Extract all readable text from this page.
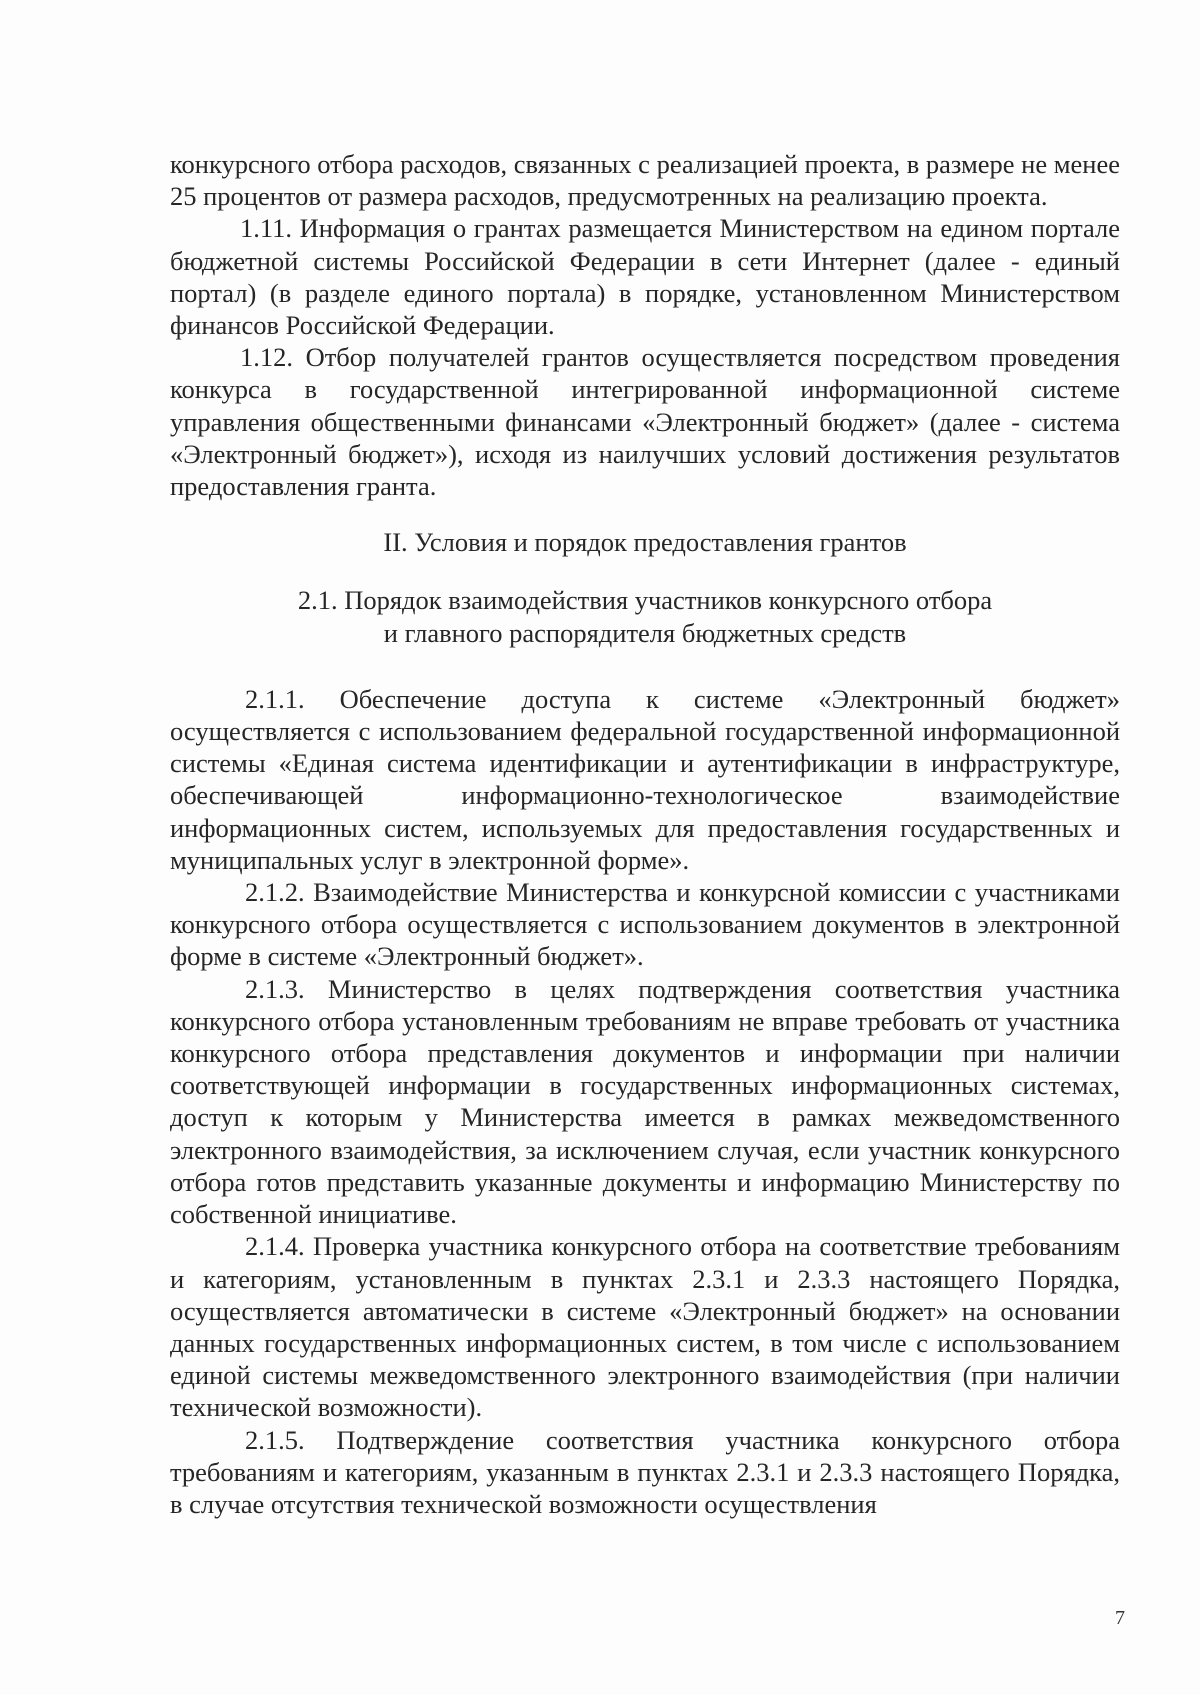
конкурсного отбора расходов, связанных с реализацией проекта, в размере не менее 25 процентов от размера расходов, предусмотренных на реализацию проекта.

1.11. Информация о грантах размещается Министерством на едином портале бюджетной системы Российской Федерации в сети Интернет (далее - единый портал) (в разделе единого портала) в порядке, установленном Министерством финансов Российской Федерации.

1.12. Отбор получателей грантов осуществляется посредством проведения конкурса в государственной интегрированной информационной системе управления общественными финансами «Электронный бюджет» (далее - система «Электронный бюджет»), исходя из наилучших условий достижения результатов предоставления гранта.

II. Условия и порядок предоставления грантов

2.1. Порядок взаимодействия участников конкурсного отбора

и главного распорядителя бюджетных средств

2.1.1. Обеспечение доступа к системе «Электронный бюджет» осуществляется с использованием федеральной государственной информационной системы «Единая система идентификации и аутентификации в инфраструктуре, обеспечивающей информационно-технологическое взаимодействие информационных систем, используемых для предоставления государственных и муниципальных услуг в электронной форме».

2.1.2. Взаимодействие Министерства и конкурсной комиссии с участниками конкурсного отбора осуществляется с использованием документов в электронной форме в системе «Электронный бюджет».

2.1.3. Министерство в целях подтверждения соответствия участника конкурсного отбора установленным требованиям не вправе требовать от участника конкурсного отбора представления документов и информации при наличии соответствующей информации в государственных информационных системах, доступ к которым у Министерства имеется в рамках межведомственного электронного взаимодействия, за исключением случая, если участник конкурсного отбора готов представить указанные документы и информацию Министерству по собственной инициативе.

2.1.4. Проверка участника конкурсного отбора на соответствие требованиям и категориям, установленным в пунктах 2.3.1 и 2.3.3 настоящего Порядка, осуществляется автоматически в системе «Электронный бюджет» на основании данных государственных информационных систем, в том числе с использованием единой системы межведомственного электронного взаимодействия (при наличии технической возможности).

2.1.5. Подтверждение соответствия участника конкурсного отбора требованиям и категориям, указанным в пунктах 2.3.1 и 2.3.3 настоящего Порядка, в случае отсутствия технической возможности осуществления

7
